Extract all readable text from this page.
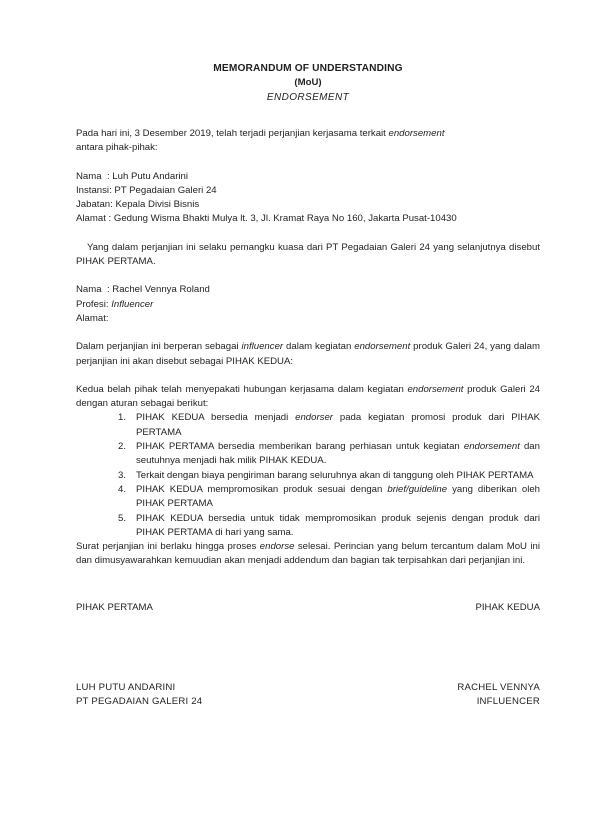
MEMORANDUM OF UNDERSTANDING
(MoU)
ENDORSEMENT

Pada hari ini, 3 Desember 2019, telah terjadi perjanjian kerjasama terkait endorsement

antara pihak-pihak:

Nama : Luh Putu Andarini
Instansi: PT Pegadaian Galeri 24
Jabatan: Kepala Divisi Bisnis
Alamat : Gedung Wisma Bhakti Mulya lt. 3, Jl. Kramat Raya No 160, Jakarta Pusat-10430

Yang dalam perjanjian ini selaku pemangku kuasa dari PT Pegadaian Galeri 24 yang selanjutnya disebut PIHAK PERTAMA.

Nama : Rachel Vennya Roland
Profesi: Influencer
Alamat:

Dalam perjanjian ini berperan sebagai influencer dalam kegiatan endorsement produk Galeri 24, yang dalam perjanjian ini akan disebut sebagai PIHAK KEDUA:

Kedua belah pihak telah menyepakati hubungan kerjasama dalam kegiatan endorsement produk Galeri 24 dengan aturan sebagai berikut:

PIHAK KEDUA bersedia menjadi endorser pada kegiatan promosi produk dari PIHAK PERTAMA
PIHAK PERTAMA bersedia memberikan barang perhiasan untuk kegiatan endorsement dan seutuhnya menjadi hak milik PIHAK KEDUA.
Terkait dengan biaya pengiriman barang seluruhnya akan di tanggung oleh PIHAK PERTAMA
PIHAK KEDUA mempromosikan produk sesuai dengan brief/guideline yang diberikan oleh PIHAK PERTAMA
PIHAK KEDUA bersedia untuk tidak mempromosikan produk sejenis dengan produk dari PIHAK PERTAMA di hari yang sama.

Surat perjanjian ini berlaku hingga proses endorse selesai. Perincian yang belum tercantum dalam MoU ini dan dimusyawarahkan kemuudian akan menjadi addendum dan bagian tak terpisahkan dari perjanjian ini.

PIHAK PERTAMA	PIHAK KEDUA
LUH PUTU ANDARINI
PT PEGADAIAN GALERI 24
RACHEL VENNYA
INFLUENCER
